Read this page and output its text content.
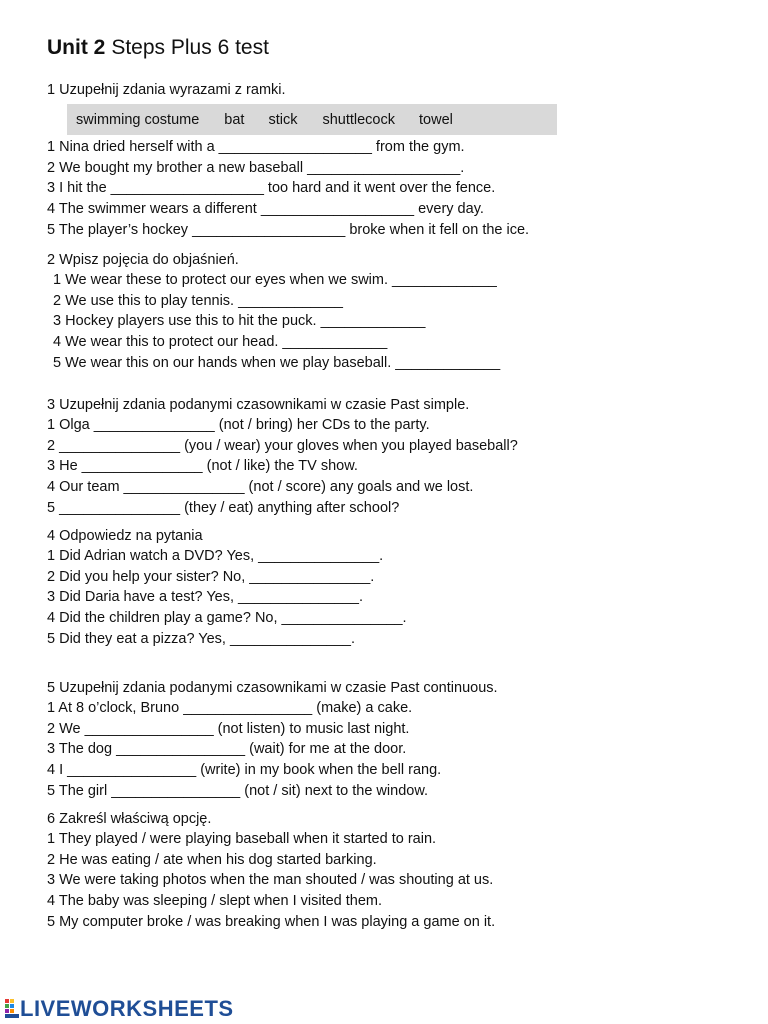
Unit 2 Steps Plus 6 test
1 Uzupełnij zdania wyrazami z ramki.
swimming costume bat stick shuttlecock towel
1 Nina dried herself with a ___________________ from the gym.
2 We bought my brother a new baseball ___________________.
3 I hit the ___________________ too hard and it went over the fence.
4 The swimmer wears a different ___________________ every day.
5 The player’s hockey ___________________ broke when it fell on the ice.
2 Wpisz pojęcia do objaśnień.
1 We wear these to protect our eyes when we swim. _____________
2 We use this to play tennis. _____________
3 Hockey players use this to hit the puck. _____________
4 We wear this to protect our head. _____________
5 We wear this on our hands when we play baseball. _____________
3 Uzupełnij zdania podanymi czasownikami w czasie Past simple.
1 Olga _______________ (not / bring) her CDs to the party.
2 _______________ (you / wear) your gloves when you played baseball?
3 He _______________ (not / like) the TV show.
4 Our team _______________ (not / score) any goals and we lost.
5 _______________ (they / eat) anything after school?
4 Odpowiedz na pytania
1 Did Adrian watch a DVD? Yes, _______________.
2 Did you help your sister? No, _______________.
3 Did Daria have a test? Yes, _______________.
4 Did the children play a game? No, _______________.
5 Did they eat a pizza? Yes, _______________.
5 Uzupełnij zdania podanymi czasownikami w czasie Past continuous.
1 At 8 o’clock, Bruno ________________ (make) a cake.
2 We ________________ (not listen) to music last night.
3 The dog ________________ (wait) for me at the door.
4 I ________________ (write) in my book when the bell rang.
5 The girl ________________ (not / sit) next to the window.
6 Zakreśl właściwą opcję.
1 They played / were playing baseball when it started to rain.
2 He was eating / ate when his dog started barking.
3 We were taking photos when the man shouted / was shouting at us.
4 The baby was sleeping / slept when I visited them.
5 My computer broke / was breaking when I was playing a game on it.
LIVEWORKSHEETS
